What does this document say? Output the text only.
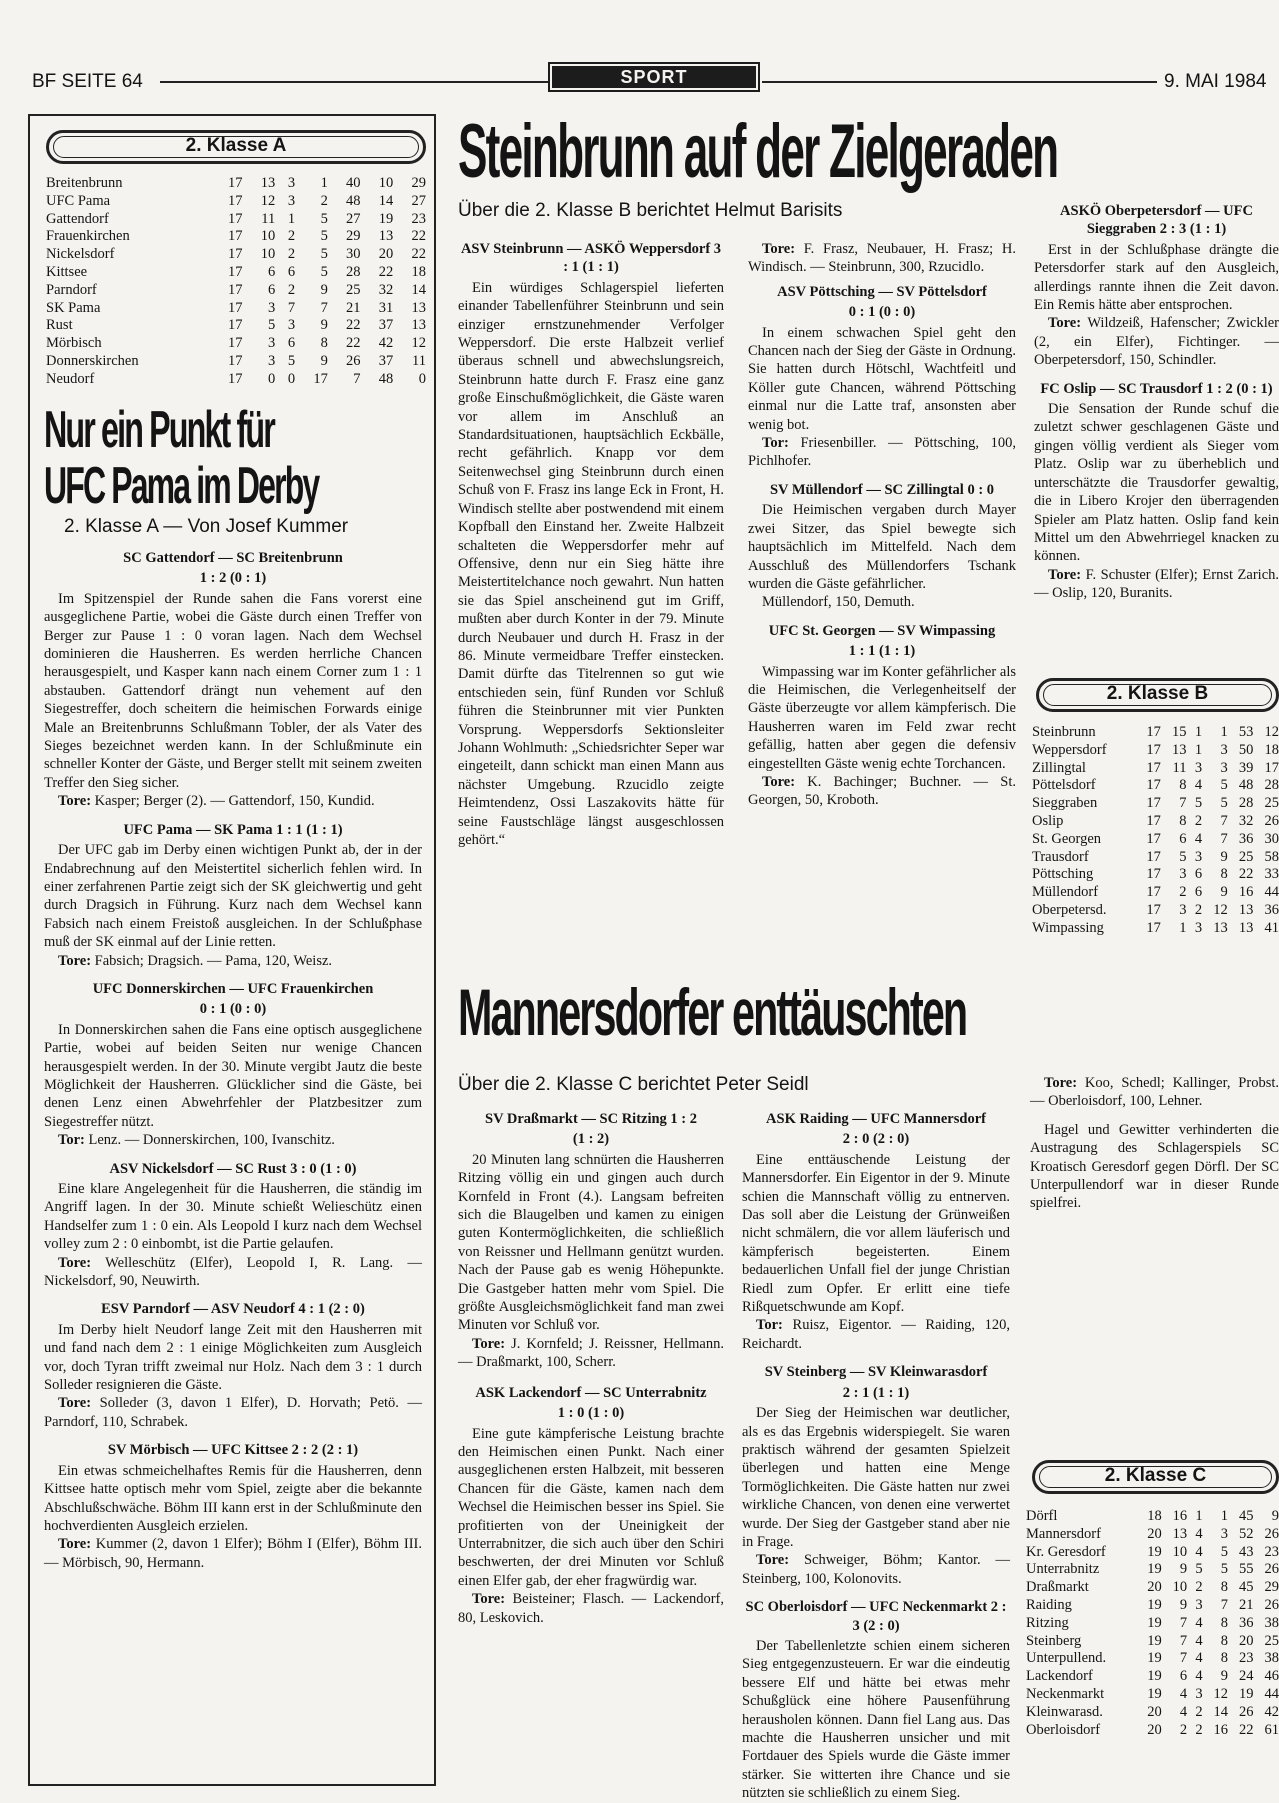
BF SEITE 64	SPORT	9. MAI 1984
2. Klasse A
Breitenbrunn	17	13	3	1	40	10	29
UFC Pama	17	12	3	2	48	14	27
Gattendorf	17	11	1	5	27	19	23
Frauenkirchen	17	10	2	5	29	13	22
Nickelsdorf	17	10	2	5	30	20	22
Kittsee	17	6	6	5	28	22	18
Parndorf	17	6	2	9	25	32	14
SK Pama	17	3	7	7	21	31	13
Rust	17	5	3	9	22	37	13
Mörbisch	17	3	6	8	22	42	12
Donnerskirchen	17	3	5	9	26	37	11
Neudorf	17	0	0	17	7	48	0
Nur ein Punkt für
UFC Pama im Derby
2. Klasse A — Von Josef Kummer

SC Gattendorf — SC Breitenbrunn

1 : 2 (0 : 1)

Im Spitzenspiel der Runde sahen die Fans vorerst eine ausgeglichene Partie, wobei die Gäste durch einen Treffer von Berger zur Pause 1 : 0 voran lagen. Nach dem Wechsel dominieren die Hausherren. Es werden herrliche Chancen herausgespielt, und Kasper kann nach einem Corner zum 1 : 1 abstauben. Gattendorf drängt nun vehement auf den Siegestreffer, doch scheitern die heimischen Forwards einige Male an Breitenbrunns Schlußmann Tobler, der als Vater des Sieges bezeichnet werden kann. In der Schlußminute ein schneller Konter der Gäste, und Berger stellt mit seinem zweiten Treffer den Sieg sicher.

Tore: Kasper; Berger (2). — Gattendorf, 150, Kundid.

UFC Pama — SK Pama 1 : 1 (1 : 1)

Der UFC gab im Derby einen wichtigen Punkt ab, der in der Endabrechnung auf den Meistertitel sicherlich fehlen wird. In einer zerfahrenen Partie zeigt sich der SK gleichwertig und geht durch Dragsich in Führung. Kurz nach dem Wechsel kann Fabsich nach einem Freistoß ausgleichen. In der Schlußphase muß der SK einmal auf der Linie retten.

Tore: Fabsich; Dragsich. — Pama, 120, Weisz.

UFC Donnerskirchen — UFC Frauenkirchen

0 : 1 (0 : 0)

In Donnerskirchen sahen die Fans eine optisch ausgeglichene Partie, wobei auf beiden Seiten nur wenige Chancen herausgespielt werden. In der 30. Minute vergibt Jautz die beste Möglichkeit der Hausherren. Glücklicher sind die Gäste, bei denen Lenz einen Abwehrfehler der Platzbesitzer zum Siegestreffer nützt.

Tor: Lenz. — Donnerskirchen, 100, Ivanschitz.

ASV Nickelsdorf — SC Rust 3 : 0 (1 : 0)

Eine klare Angelegenheit für die Hausherren, die ständig im Angriff lagen. In der 30. Minute schießt Welieschütz einen Handselfer zum 1 : 0 ein. Als Leopold I kurz nach dem Wechsel volley zum 2 : 0 einbombt, ist die Partie gelaufen.

Tore: Welleschütz (Elfer), Leopold I, R. Lang. — Nickelsdorf, 90, Neuwirth.

ESV Parndorf — ASV Neudorf 4 : 1 (2 : 0)

Im Derby hielt Neudorf lange Zeit mit den Hausherren mit und fand nach dem 2 : 1 einige Möglichkeiten zum Ausgleich vor, doch Tyran trifft zweimal nur Holz. Nach dem 3 : 1 durch Solleder resignieren die Gäste.

Tore: Solleder (3, davon 1 Elfer), D. Horvath; Petö. — Parndorf, 110, Schrabek.

SV Mörbisch — UFC Kittsee 2 : 2 (2 : 1)

Ein etwas schmeichelhaftes Remis für die Hausherren, denn Kittsee hatte optisch mehr vom Spiel, zeigte aber die bekannte Abschlußschwäche. Böhm III kann erst in der Schlußminute den hochverdienten Ausgleich erzielen.

Tore: Kummer (2, davon 1 Elfer); Böhm I (Elfer), Böhm III. — Mörbisch, 90, Hermann.

Steinbrunn auf der Zielgeraden
Über die 2. Klasse B berichtet Helmut Barisits

ASV Steinbrunn — ASKÖ Weppersdorf 3 : 1 (1 : 1)

Ein würdiges Schlagerspiel lieferten einander Tabellenführer Steinbrunn und sein einziger ernstzunehmender Verfolger Weppersdorf. Die erste Halbzeit verlief überaus schnell und abwechslungsreich, Steinbrunn hatte durch F. Frasz eine ganz große Einschußmöglichkeit, die Gäste waren vor allem im Anschluß an Standardsituationen, hauptsächlich Eckbälle, recht gefährlich. Knapp vor dem Seitenwechsel ging Steinbrunn durch einen Schuß von F. Frasz ins lange Eck in Front, H. Windisch stellte aber postwendend mit einem Kopfball den Einstand her. Zweite Halbzeit schalteten die Weppersdorfer mehr auf Offensive, denn nur ein Sieg hätte ihre Meistertitelchance noch gewahrt. Nun hatten sie das Spiel anscheinend gut im Griff, mußten aber durch Konter in der 79. Minute durch Neubauer und durch H. Frasz in der 86. Minute vermeidbare Treffer einstecken. Damit dürfte das Titelrennen so gut wie entschieden sein, fünf Runden vor Schluß führen die Steinbrunner mit vier Punkten Vorsprung. Weppersdorfs Sektionsleiter Johann Wohlmuth: „Schiedsrichter Seper war eingeteilt, dann schickt man einen Mann aus nächster Umgebung. Rzucidlo zeigte Heimtendenz, Ossi Laszakovits hätte für seine Faustschläge längst ausgeschlossen gehört.“

Tore: F. Frasz, Neubauer, H. Frasz; H. Windisch. — Steinbrunn, 300, Rzucidlo.

ASV Pöttsching — SV Pöttelsdorf

0 : 1 (0 : 0)

In einem schwachen Spiel geht den Chancen nach der Sieg der Gäste in Ordnung. Sie hatten durch Hötschl, Wachtfeitl und Köller gute Chancen, während Pöttsching einmal nur die Latte traf, ansonsten aber wenig bot.

Tor: Friesenbiller. — Pöttsching, 100, Pichlhofer.

SV Müllendorf — SC Zillingtal 0 : 0

Die Heimischen vergaben durch Mayer zwei Sitzer, das Spiel bewegte sich hauptsächlich im Mittelfeld. Nach dem Ausschluß des Müllendorfers Tschank wurden die Gäste gefährlicher.

Müllendorf, 150, Demuth.

UFC St. Georgen — SV Wimpassing

1 : 1 (1 : 1)

Wimpassing war im Konter gefährlicher als die Heimischen, die Verlegenheitself der Gäste überzeugte vor allem kämpferisch. Die Hausherren waren im Feld zwar recht gefällig, hatten aber gegen die defensiv eingestellten Gäste wenig echte Torchancen.

Tore: K. Bachinger; Buchner. — St. Georgen, 50, Kroboth.

ASKÖ Oberpetersdorf — UFC Sieggraben 2 : 3 (1 : 1)

Erst in der Schlußphase drängte die Petersdorfer stark auf den Ausgleich, allerdings rannte ihnen die Zeit davon. Ein Remis hätte aber entsprochen.

Tore: Wildzeiß, Hafenscher; Zwickler (2, ein Elfer), Fichtinger. — Oberpetersdorf, 150, Schindler.

FC Oslip — SC Trausdorf 1 : 2 (0 : 1)

Die Sensation der Runde schuf die zuletzt schwer geschlagenen Gäste und gingen völlig verdient als Sieger vom Platz. Oslip war zu überheblich und unterschätzte die Trausdorfer gewaltig, die in Libero Krojer den überragenden Spieler am Platz hatten. Oslip fand kein Mittel um den Abwehrriegel knacken zu können.

Tore: F. Schuster (Elfer); Ernst Zarich. — Oslip, 120, Buranits.

2. Klasse B
Steinbrunn	17	15	1	1	53	12
Weppersdorf	17	13	1	3	50	18
Zillingtal	17	11	3	3	39	17
Pöttelsdorf	17	8	4	5	48	28
Sieggraben	17	7	5	5	28	25
Oslip	17	8	2	7	32	26
St. Georgen	17	6	4	7	36	30
Trausdorf	17	5	3	9	25	58
Pöttsching	17	3	6	8	22	33
Müllendorf	17	2	6	9	16	44
Oberpetersd.	17	3	2	12	13	36
Wimpassing	17	1	3	13	13	41
Mannersdorfer enttäuschten
Über die 2. Klasse C berichtet Peter Seidl

SV Draßmarkt — SC Ritzing 1 : 2

(1 : 2)

20 Minuten lang schnürten die Hausherren Ritzing völlig ein und gingen auch durch Kornfeld in Front (4.). Langsam befreiten sich die Blaugelben und kamen zu einigen guten Kontermöglichkeiten, die schließlich von Reissner und Hellmann genützt wurden. Nach der Pause gab es wenig Höhepunkte. Die Gastgeber hatten mehr vom Spiel. Die größte Ausgleichsmöglichkeit fand man zwei Minuten vor Schluß vor.

Tore: J. Kornfeld; J. Reissner, Hellmann. — Draßmarkt, 100, Scherr.

ASK Lackendorf — SC Unterrabnitz

1 : 0 (1 : 0)

Eine gute kämpferische Leistung brachte den Heimischen einen Punkt. Nach einer ausgeglichenen ersten Halbzeit, mit besseren Chancen für die Gäste, kamen nach dem Wechsel die Heimischen besser ins Spiel. Sie profitierten von der Uneinigkeit der Unterrabnitzer, die sich auch über den Schiri beschwerten, der drei Minuten vor Schluß einen Elfer gab, der eher fragwürdig war.

Tore: Beisteiner; Flasch. — Lackendorf, 80, Leskovich.

ASK Raiding — UFC Mannersdorf

2 : 0 (2 : 0)

Eine enttäuschende Leistung der Mannersdorfer. Ein Eigentor in der 9. Minute schien die Mannschaft völlig zu entnerven. Das soll aber die Leistung der Grünweißen nicht schmälern, die vor allem läuferisch und kämpferisch begeisterten. Einem bedauerlichen Unfall fiel der junge Christian Riedl zum Opfer. Er erlitt eine tiefe Rißquetschwunde am Kopf.

Tor: Ruisz, Eigentor. — Raiding, 120, Reichardt.

SV Steinberg — SV Kleinwarasdorf

2 : 1 (1 : 1)

Der Sieg der Heimischen war deutlicher, als es das Ergebnis widerspiegelt. Sie waren praktisch während der gesamten Spielzeit überlegen und hatten eine Menge Tormöglichkeiten. Die Gäste hatten nur zwei wirkliche Chancen, von denen eine verwertet wurde. Der Sieg der Gastgeber stand aber nie in Frage.

Tore: Schweiger, Böhm; Kantor. — Steinberg, 100, Kolonovits.

SC Oberloisdorf — UFC Neckenmarkt 2 : 3 (2 : 0)

Der Tabellenletzte schien einem sicheren Sieg entgegenzusteuern. Er war die eindeutig bessere Elf und hätte bei etwas mehr Schußglück eine höhere Pausenführung herausholen können. Dann fiel Lang aus. Das machte die Hausherren unsicher und mit Fortdauer des Spiels wurde die Gäste immer stärker. Sie witterten ihre Chance und sie nützten sie schließlich zu einem Sieg.

Tore: Koo, Schedl; Kallinger, Probst. — Oberloisdorf, 100, Lehner.

Hagel und Gewitter verhinderten die Austragung des Schlagerspiels SC Kroatisch Geresdorf gegen Dörfl. Der SC Unterpullendorf war in dieser Runde spielfrei.

2. Klasse C
Dörfl	18	16	1	1	45	9
Mannersdorf	20	13	4	3	52	26
Kr. Geresdorf	19	10	4	5	43	23
Unterrabnitz	19	9	5	5	55	26
Draßmarkt	20	10	2	8	45	29
Raiding	19	9	3	7	21	26
Ritzing	19	7	4	8	36	38
Steinberg	19	7	4	8	20	25
Unterpullend.	19	7	4	8	23	38
Lackendorf	19	6	4	9	24	46
Neckenmarkt	19	4	3	12	19	44
Kleinwarasd.	20	4	2	14	26	42
Oberloisdorf	20	2	2	16	22	61
